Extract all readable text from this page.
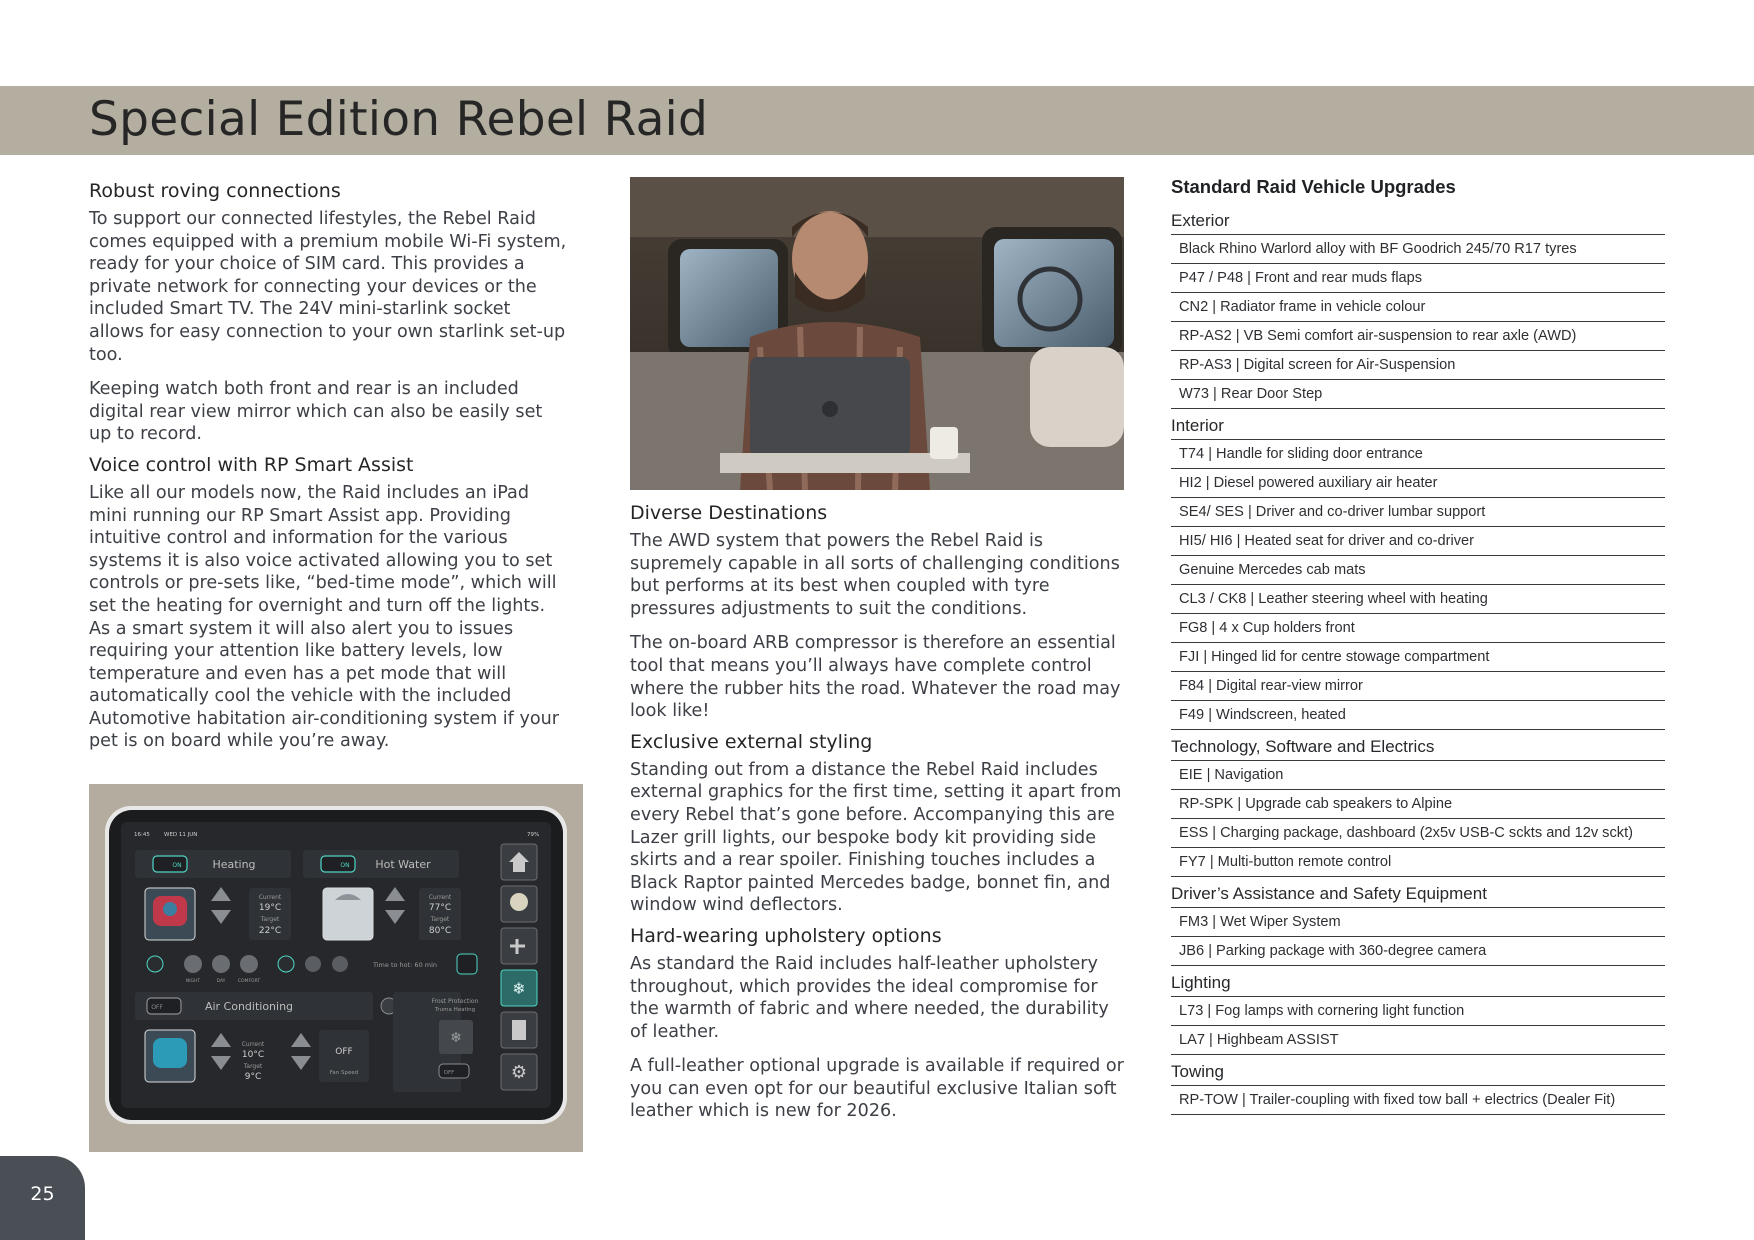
Special Edition Rebel Raid
Robust roving connections

To support our connected lifestyles, the Rebel Raid comes equipped with a premium mobile Wi-Fi system, ready for your choice of SIM card. This provides a private network for connecting your devices or the included Smart TV. The 24V mini-starlink socket allows for easy connection to your own starlink set-up too.

Keeping watch both front and rear is an included digital rear view mirror which can also be easily set up to record.

Voice control with RP Smart Assist

Like all our models now, the Raid includes an iPad mini running our RP Smart Assist app. Providing intuitive control and information for the various systems it is also voice activated allowing you to set controls or pre-sets like, “bed-time mode”, which will set the heating for overnight and turn off the lights. As a smart system it will also alert you to issues requiring your attention like battery levels, low temperature and even has a pet mode that will automatically cool the vehicle with the included Automotive habitation air-conditioning system if your pet is on board while you’re away.

16:45	WED 11 JUN	79%
ON	Heating
Current
19°C
Target
22°C
ON Hot Water
Current
77°C
Target
80°C
NIGHT	DAY	COMFORT
Time to hot: 60 min
OFF	Air Conditioning
Current
10°C
Target
9°C
OFF
Fan Speed
Frost Protection
Truma Heating
❄
OFF
❄
⚙
Diverse Destinations

The AWD system that powers the Rebel Raid is supremely capable in all sorts of challenging conditions but performs at its best when coupled with tyre pressures adjustments to suit the conditions.

The on-board ARB compressor is therefore an essential tool that means you’ll always have complete control where the rubber hits the road. Whatever the road may look like!

Exclusive external styling

Standing out from a distance the Rebel Raid includes external graphics for the first time, setting it apart from every Rebel that’s gone before. Accompanying this are Lazer grill lights, our bespoke body kit providing side skirts and a rear spoiler. Finishing touches includes a Black Raptor painted Mercedes badge, bonnet fin, and window wind deflectors.

Hard-wearing upholstery options

As standard the Raid includes half-leather upholstery throughout, which provides the ideal compromise for the warmth of fabric and where needed, the durability of leather.

A full-leather optional upgrade is available if required or you can even opt for our beautiful exclusive Italian soft leather which is new for 2026.

Standard Raid Vehicle Upgrades
Exterior
Black Rhino Warlord alloy with BF Goodrich 245/70 R17 tyres
P47 / P48 | Front and rear muds flaps
CN2 | Radiator frame in vehicle colour
RP-AS2 | VB Semi comfort air-suspension to rear axle (AWD)
RP-AS3 | Digital screen for Air-Suspension
W73 | Rear Door Step
Interior
T74 | Handle for sliding door entrance
HI2 | Diesel powered auxiliary air heater
SE4/ SES | Driver and co-driver lumbar support
HI5/ HI6 | Heated seat for driver and co-driver
Genuine Mercedes cab mats
CL3 / CK8 | Leather steering wheel with heating
FG8 | 4 x Cup holders front
FJI | Hinged lid for centre stowage compartment
F84 | Digital rear-view mirror
F49 | Windscreen, heated
Technology, Software and Electrics
EIE | Navigation
RP-SPK | Upgrade cab speakers to Alpine
ESS | Charging package, dashboard (2x5v USB-C sckts and 12v sckt)
FY7 | Multi-button remote control
Driver’s Assistance and Safety Equipment
FM3 | Wet Wiper System
JB6 | Parking package with 360-degree camera
Lighting
L73 | Fog lamps with cornering light function
LA7 | Highbeam ASSIST
Towing
RP-TOW | Trailer-coupling with fixed tow ball + electrics (Dealer Fit)
25
